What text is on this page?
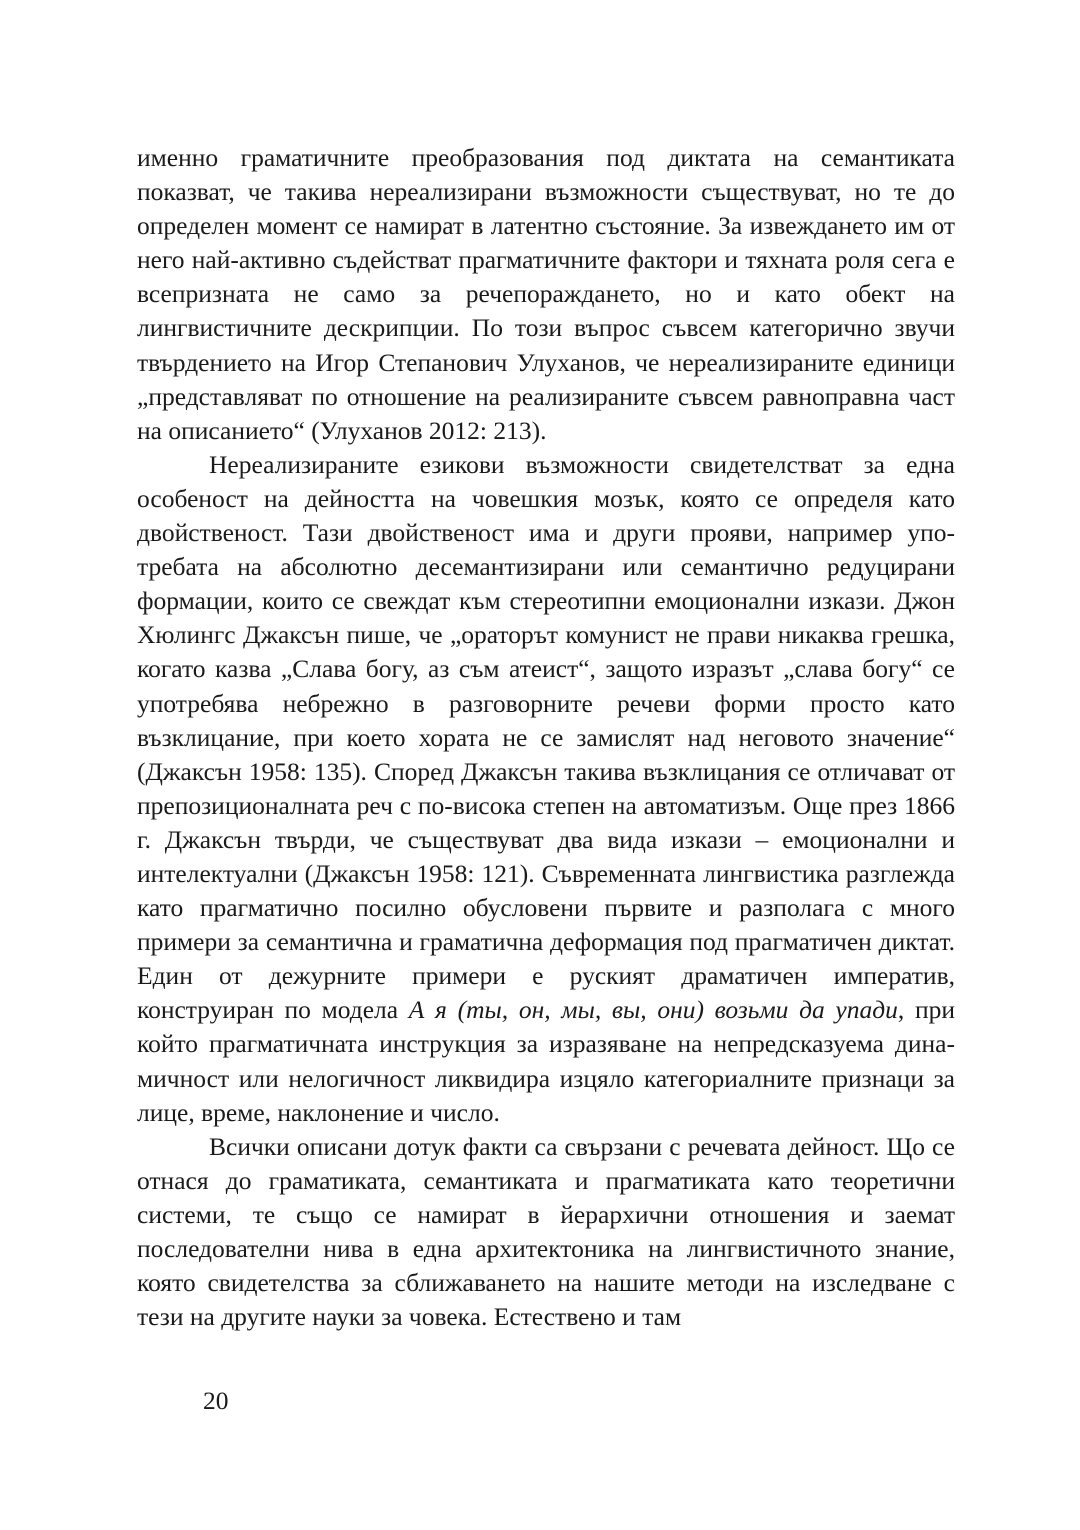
именно граматичните преобразования под диктата на семантиката показват, че такива нереализирани възможности съществуват, но те до определен момент се намират в латентно състояние. За извеждането им от него най-активно съдействат прагматичните фактори и тяхната роля сега е всепризната не само за речепораждането, но и като обект на лингвистичните дескрипции. По този въпрос съвсем категорично звучи твърдението на Игор Степанович Улуханов, че нереализираните единици „представляват по отношение на реализираните съвсем равноправна част на описанието“ (Улуханов 2012: 213).

Нереализираните езикови възможности свидетелстват за една особеност на дейността на човешкия мозък, която се определя като двойственост. Тази двойственост има и други прояви, например употребата на абсолютно десемантизирани или семантично редуцирани формации, които се свеждат към стереотипни емоционални изкази. Джон Хюлингс Джаксън пише, че „ораторът комунист не прави никаква грешка, когато казва „Слава богу, аз съм атеист“, защото изразът „слава богу“ се употребява небрежно в разговорните речеви форми просто като възклицание, при което хората не се замислят над неговото значение“ (Джаксън 1958: 135). Според Джаксън такива възклицания се отличават от препозиционалната реч с по-висока степен на автоматизъм. Още през 1866 г. Джаксън твърди, че съществуват два вида изкази – емоционални и интелектуални (Джаксън 1958: 121). Съвременната лингвистика разглежда като прагматично посилно обусловени първите и разполага с много примери за семантична и граматична деформация под прагматичен диктат. Един от дежурните примери е руският драматичен императив, конструиран по модела А я (ты, он, мы, вы, они) возьми да упади, при който прагматичната инструкция за изразяване на непредсказуема динамичност или нелогичност ликвидира изцяло категориалните признаци за лице, време, наклонение и число.

Всички описани дотук факти са свързани с речевата дейност. Що се отнася до граматиката, семантиката и прагматиката като теоретични системи, те също се намират в йерархични отношения и заемат последователни нива в една архитектоника на лингвистичното знание, която свидетелства за сближаването на нашите методи на изследване с тези на другите науки за човека. Естествено и там

20
